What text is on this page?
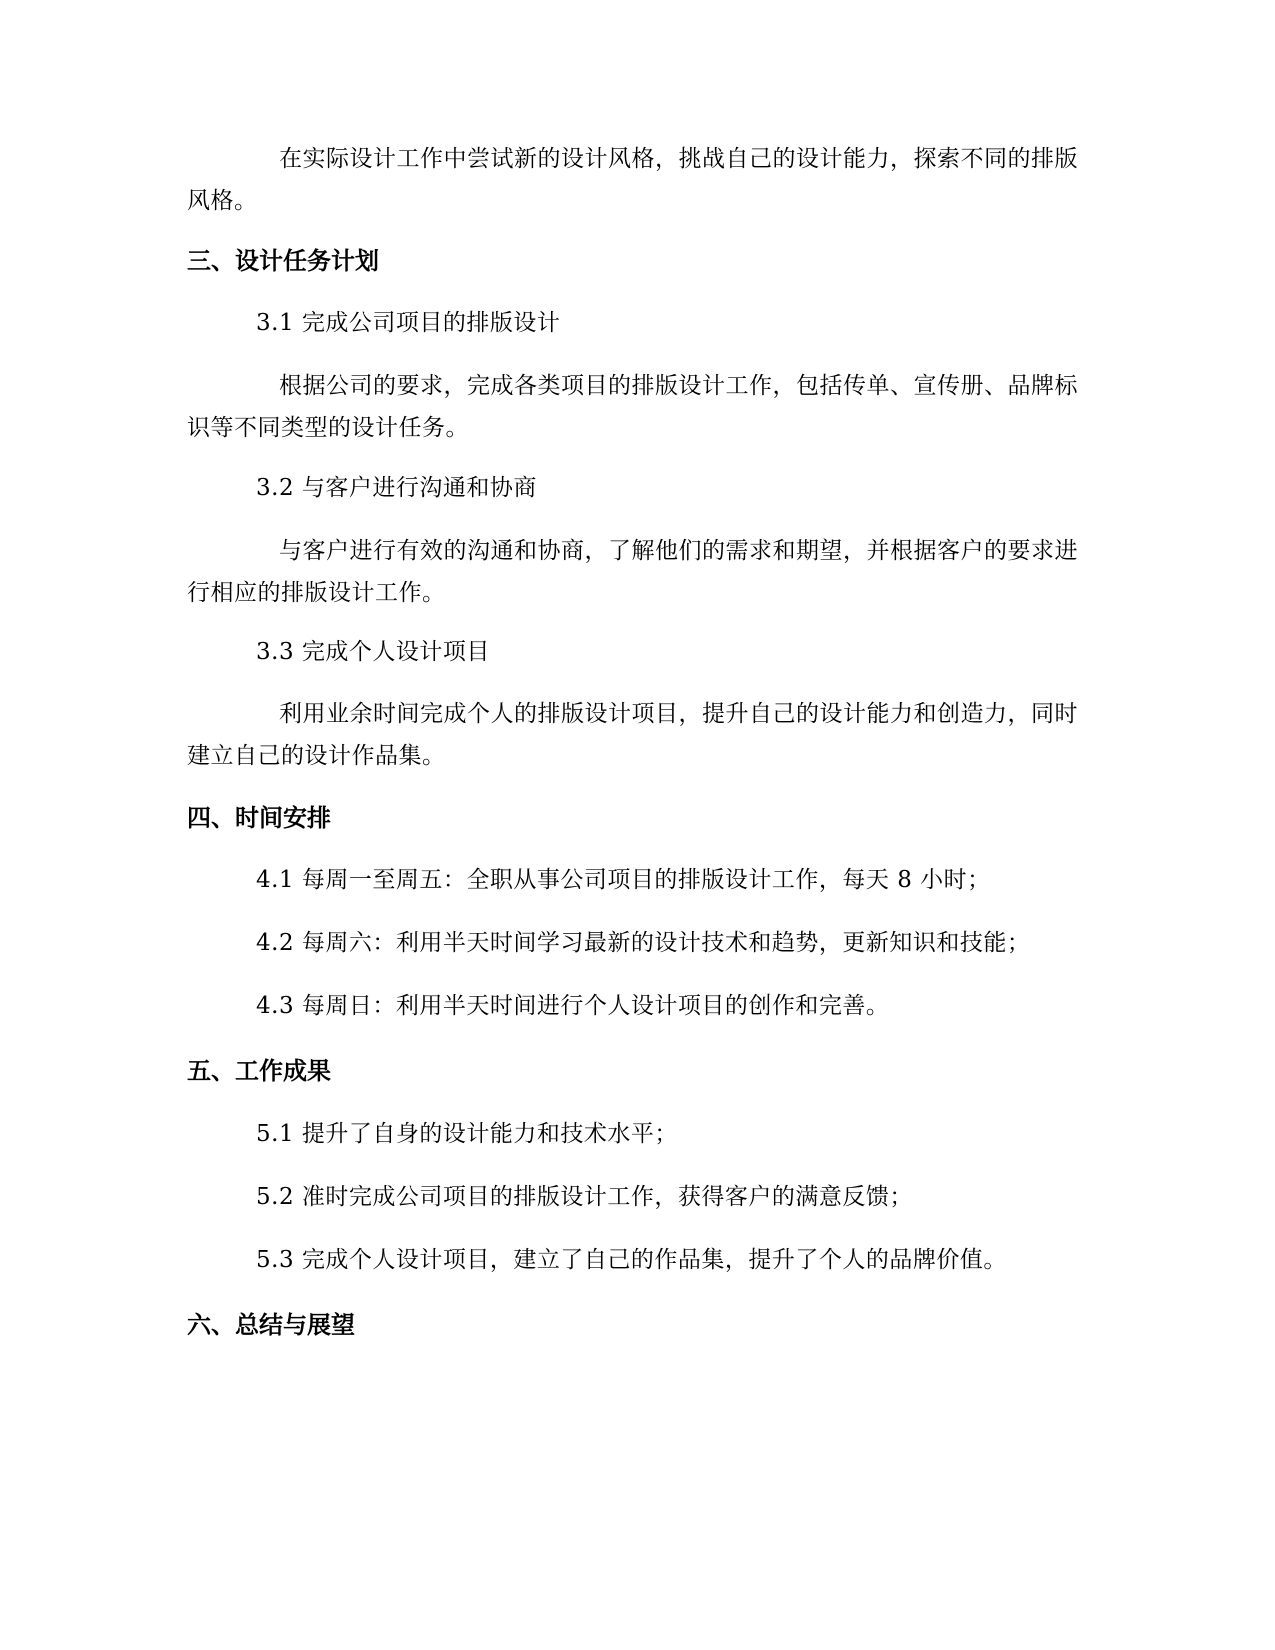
在实际设计工作中尝试新的设计风格，挑战自己的设计能力，探索不同的排版风格。

三、设计任务计划

3.1 完成公司项目的排版设计

根据公司的要求，完成各类项目的排版设计工作，包括传单、宣传册、品牌标识等不同类型的设计任务。

3.2 与客户进行沟通和协商

与客户进行有效的沟通和协商，了解他们的需求和期望，并根据客户的要求进行相应的排版设计工作。

3.3 完成个人设计项目

利用业余时间完成个人的排版设计项目，提升自己的设计能力和创造力，同时建立自己的设计作品集。

四、时间安排

4.1 每周一至周五：全职从事公司项目的排版设计工作，每天 8 小时；

4.2 每周六：利用半天时间学习最新的设计技术和趋势，更新知识和技能；

4.3 每周日：利用半天时间进行个人设计项目的创作和完善。

五、工作成果

5.1 提升了自身的设计能力和技术水平；

5.2 准时完成公司项目的排版设计工作，获得客户的满意反馈；

5.3 完成个人设计项目，建立了自己的作品集，提升了个人的品牌价值。

六、总结与展望
